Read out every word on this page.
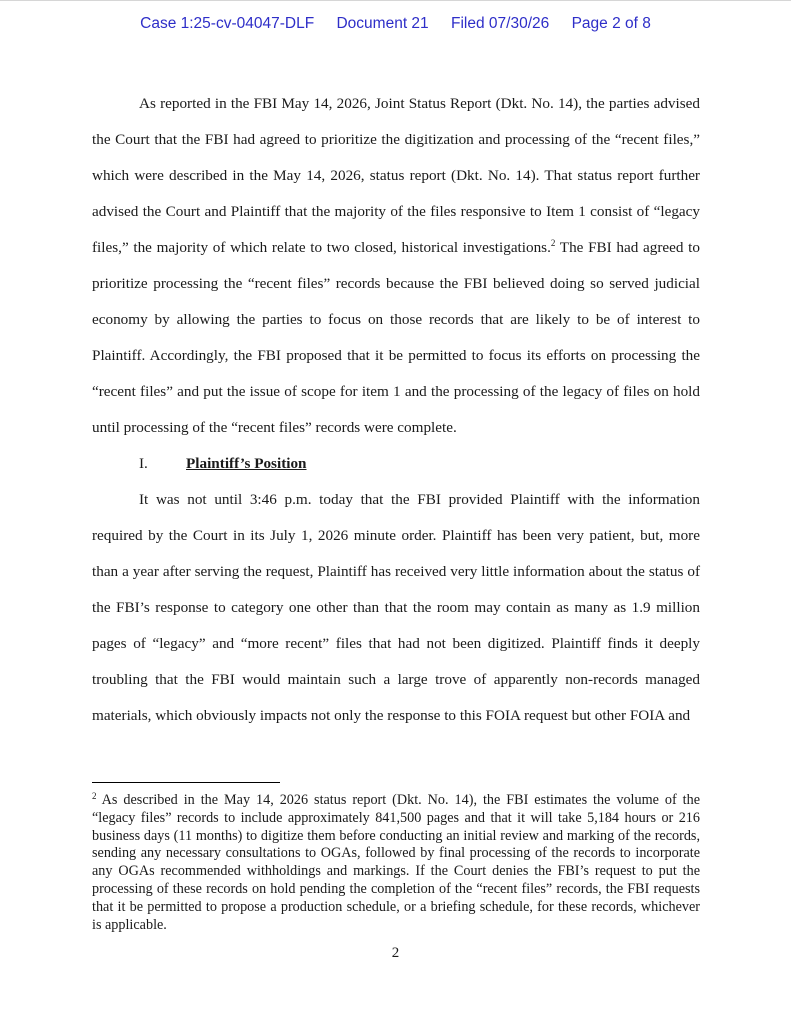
Case 1:25-cv-04047-DLF Document 21 Filed 07/30/26 Page 2 of 8

As reported in the FBI May 14, 2026, Joint Status Report (Dkt. No. 14), the parties advised the Court that the FBI had agreed to prioritize the digitization and processing of the “recent files,” which were described in the May 14, 2026, status report (Dkt. No. 14). That status report further advised the Court and Plaintiff that the majority of the files responsive to Item 1 consist of “legacy files,” the majority of which relate to two closed, historical investigations.$^2$ The FBI had agreed to prioritize processing the “recent files” records because the FBI believed doing so served judicial economy by allowing the parties to focus on those records that are likely to be of interest to Plaintiff. Accordingly, the FBI proposed that it be permitted to focus its efforts on processing the “recent files” and put the issue of scope for item 1 and the processing of the legacy of files on hold until processing of the “recent files” records were complete.

I.	Plaintiff’s Position

It was not until 3:46 p.m. today that the FBI provided Plaintiff with the information required by the Court in its July 1, 2026 minute order. Plaintiff has been very patient, but, more than a year after serving the request, Plaintiff has received very little information about the status of the FBI’s response to category one other than that the room may contain as many as 1.9 million pages of “legacy” and “more recent” files that had not been digitized. Plaintiff finds it deeply troubling that the FBI would maintain such a large trove of apparently non-records managed materials, which obviously impacts not only the response to this FOIA request but other FOIA and

$^2$ As described in the May 14, 2026 status report (Dkt. No. 14), the FBI estimates the volume of the “legacy files” records to include approximately 841,500 pages and that it will take 5,184 hours or 216 business days (11 months) to digitize them before conducting an initial review and marking of the records, sending any necessary consultations to OGAs, followed by final processing of the records to incorporate any OGAs recommended withholdings and markings. If the Court denies the FBI’s request to put the processing of these records on hold pending the completion of the “recent files” records, the FBI requests that it be permitted to propose a production schedule, or a briefing schedule, for these records, whichever is applicable.
2
